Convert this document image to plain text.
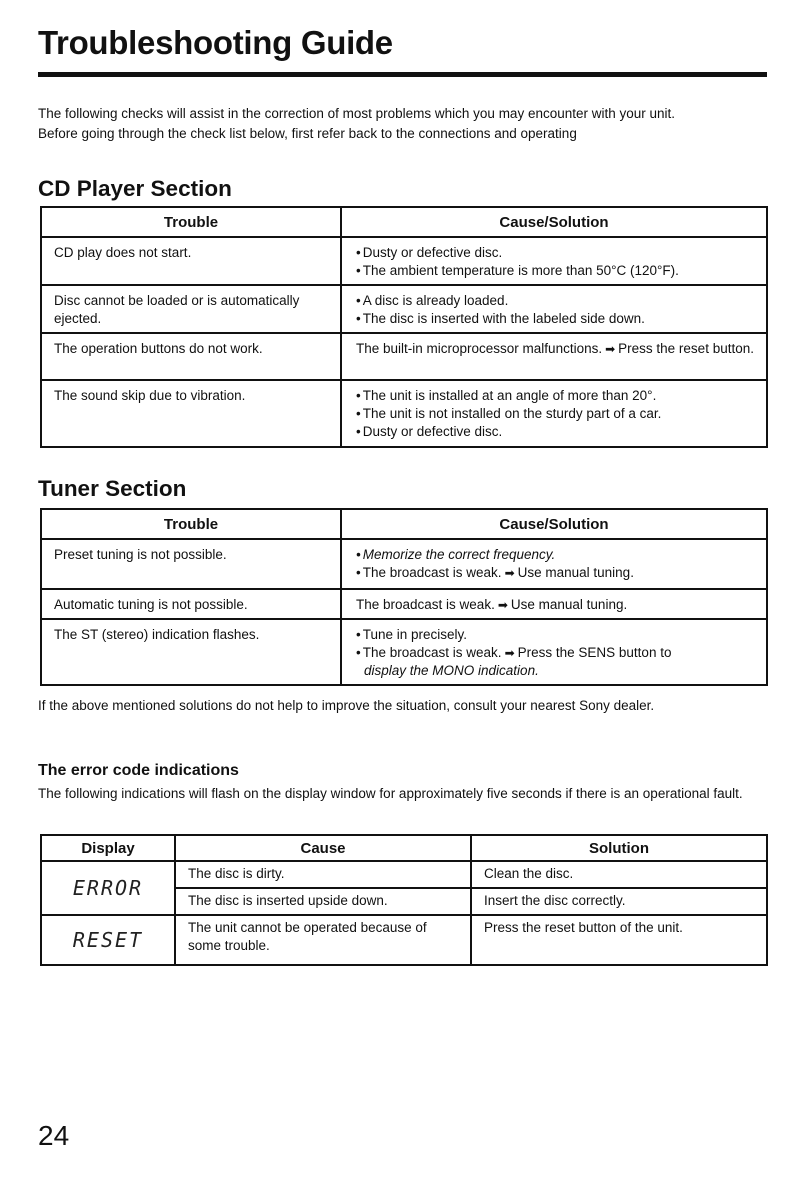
Troubleshooting Guide

The following checks will assist in the correction of most problems which you may encounter with your unit.

Before going through the check list below, first refer back to the connections and operating

CD Player Section
Trouble	Cause/Solution
CD play does not start.	• Dusty or defective disc.
• The ambient temperature is more than 50°C (120°F).

Disc cannot be loaded or is automatically ejected.	• A disc is already loaded.
• The disc is inserted with the labeled side down.

The operation buttons do not work.	The built-in microprocessor malfunctions. ➡ Press the reset button.
The sound skip due to vibration.	• The unit is installed at an angle of more than 20°.
• The unit is not installed on the sturdy part of a car.
• Dusty or defective disc.
Tuner Section
Trouble	Cause/Solution
Preset tuning is not possible.	• Memorize the correct frequency.
• The broadcast is weak. ➡ Use manual tuning.

Automatic tuning is not possible.	The broadcast is weak. ➡ Use manual tuning.
The ST (stereo) indication flashes.	• Tune in precisely.
• The broadcast is weak. ➡ Press the SENS button to
display the MONO indication.

If the above mentioned solutions do not help to improve the situation, consult your nearest Sony dealer.

The error code indications

The following indications will flash on the display window for approximately five seconds if there is an operational fault.

Display	Cause	Solution
ERROR	The disc is dirty.	Clean the disc.
	The disc is inserted upside down.	Insert the disc correctly.
RESET	The unit cannot be operated because of some trouble.	Press the reset button of the unit.
24
